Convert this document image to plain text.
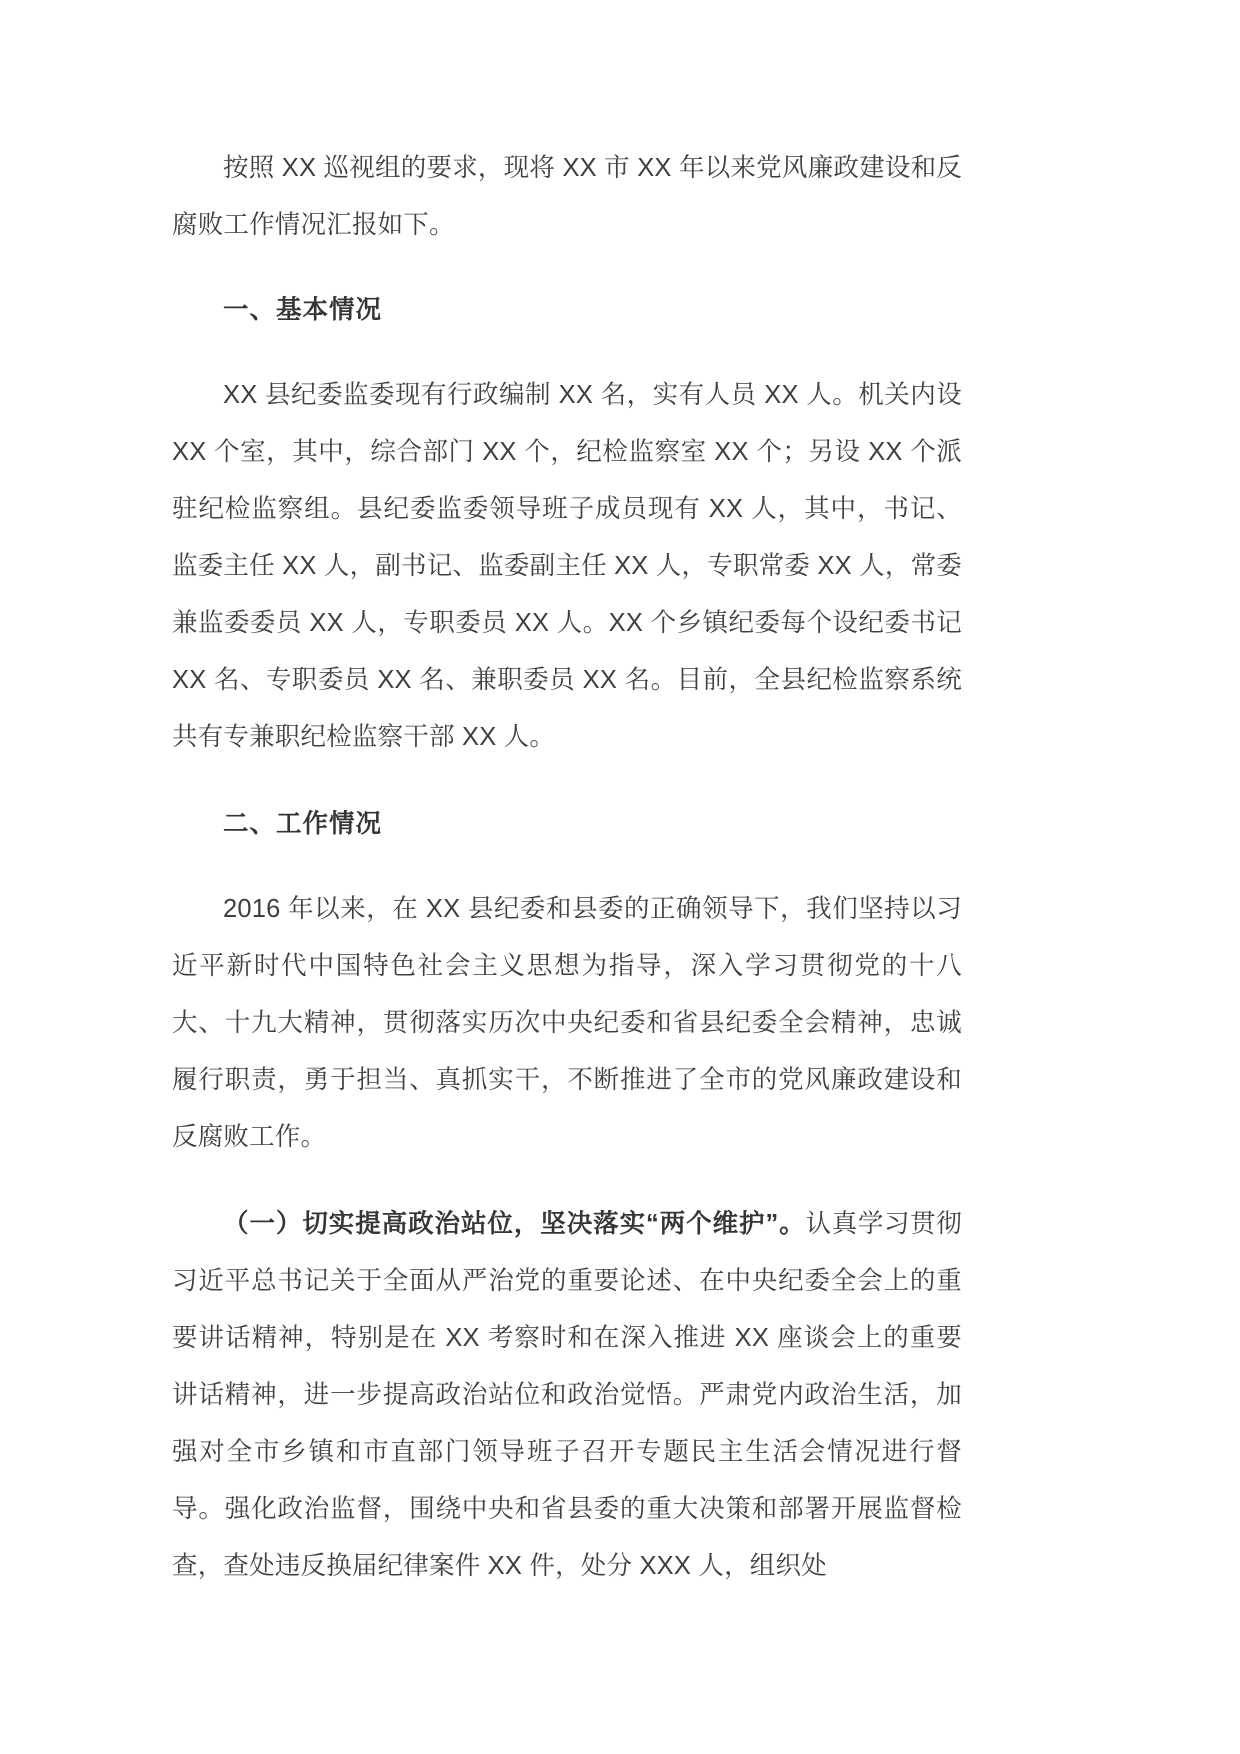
按照 XX 巡视组的要求，现将 XX 市 XX 年以来党风廉政建设和反腐败工作情况汇报如下。

一、基本情况

XX 县纪委监委现有行政编制 XX 名，实有人员 XX 人。机关内设 XX 个室，其中，综合部门 XX 个，纪检监察室 XX 个；另设 XX 个派驻纪检监察组。县纪委监委领导班子成员现有 XX 人，其中，书记、监委主任 XX 人，副书记、监委副主任 XX 人，专职常委 XX 人，常委兼监委委员 XX 人，专职委员 XX 人。XX 个乡镇纪委每个设纪委书记 XX 名、专职委员 XX 名、兼职委员 XX 名。目前，全县纪检监察系统共有专兼职纪检监察干部 XX 人。

二、工作情况

2016 年以来，在 XX 县纪委和县委的正确领导下，我们坚持以习近平新时代中国特色社会主义思想为指导，深入学习贯彻党的十八大、十九大精神，贯彻落实历次中央纪委和省县纪委全会精神，忠诚履行职责，勇于担当、真抓实干，不断推进了全市的党风廉政建设和反腐败工作。

（一）切实提高政治站位，坚决落实“两个维护”。认真学习贯彻习近平总书记关于全面从严治党的重要论述、在中央纪委全会上的重要讲话精神，特别是在 XX 考察时和在深入推进 XX 座谈会上的重要讲话精神，进一步提高政治站位和政治觉悟。严肃党内政治生活，加强对全市乡镇和市直部门领导班子召开专题民主生活会情况进行督导。强化政治监督，围绕中央和省县委的重大决策和部署开展监督检查，查处违反换届纪律案件 XX 件，处分 XXX 人，组织处
